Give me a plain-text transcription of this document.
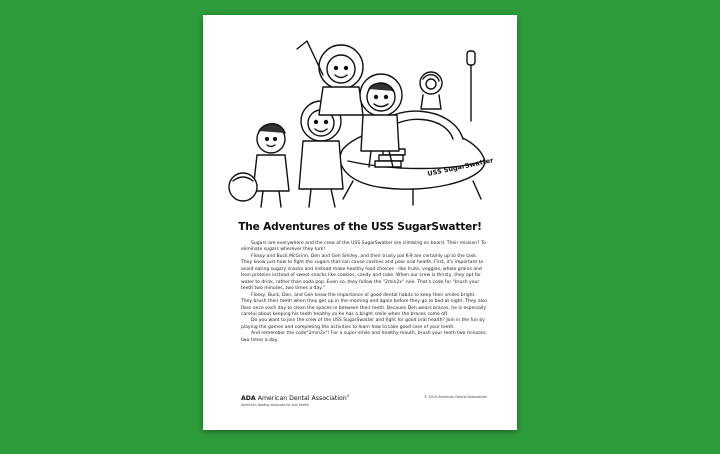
USS SugarSwatter
The Adventures of the USS SugarSwatter!

Sugars are everywhere and the crew of the USS SugarSwatter are climbing on board. Their mission? To eliminate sugars wherever they lurk!

Flossy and Buck McGrinn, Den and Gen Smiley, and their trusty pal K-9 are certainly up to the task. They know just how to fight the sugars that can cause cavities and poor oral health. First, it's important to avoid eating sugary snacks and instead make healthy food choices - like fruits, veggies, whole grains and lean proteins instead of sweet snacks like cookies, candy and cake. When our crew is thirsty, they opt for water to drink, rather than soda pop. Even so, they follow the "2min2x" rule. That's code for "brush your teeth two minutes, two times a day."

Flossy, Buck, Den, and Gen know the importance of good dental habits to keep their smiles bright. They brush their teeth when they get up in the morning and again before they go to bed at night. They also floss once each day to clean the spaces in between their teeth. Because Den wears braces, he is especially careful about keeping his teeth healthy so he has a bright smile when the braces come off.

Do you want to join the crew of the USS SugarSwatter and fight for good oral health? Join in the fun by playing the games and completing the activities to learn how to take good care of your teeth.

And remember the code"2min2x"! For a super smile and healthy mouth, brush your teeth two minutes, two times a day.

ADA American Dental Association®
America's leading advocate for oral health
© 2015 American Dental Association
